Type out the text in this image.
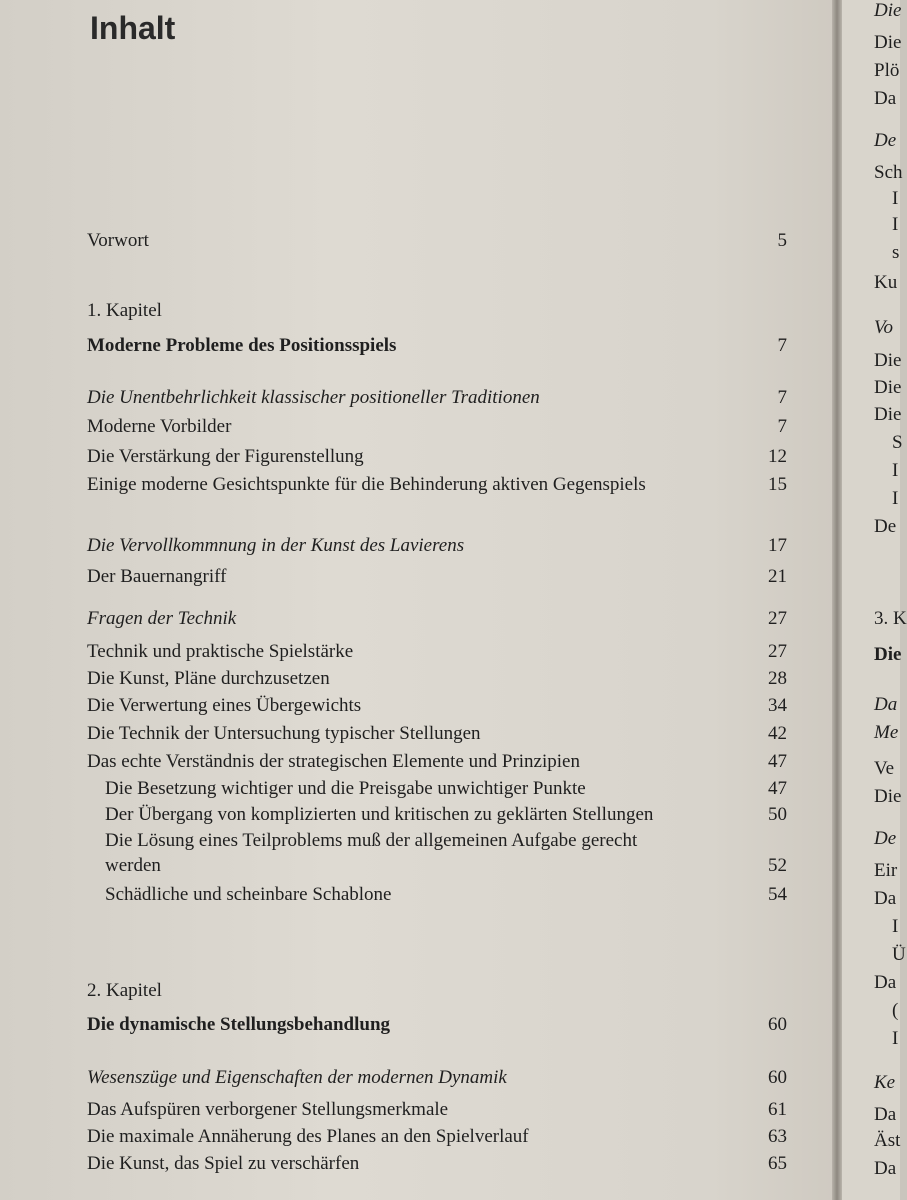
Inhalt
Vorwort	5
1. Kapitel
Moderne Probleme des Positionsspiels	7
Die Unentbehrlichkeit klassischer positioneller Traditionen	7
Moderne Vorbilder	7
Die Verstärkung der Figurenstellung	12
Einige moderne Gesichtspunkte für die Behinderung aktiven Gegenspiels	15
Die Vervollkommnung in der Kunst des Lavierens	17
Der Bauernangriff	21
Fragen der Technik	27
Technik und praktische Spielstärke	27
Die Kunst, Pläne durchzusetzen	28
Die Verwertung eines Übergewichts	34
Die Technik der Untersuchung typischer Stellungen	42
Das echte Verständnis der strategischen Elemente und Prinzipien	47
Die Besetzung wichtiger und die Preisgabe unwichtiger Punkte	47
Der Übergang von komplizierten und kritischen zu geklärten Stellungen	50
Die Lösung eines Teilproblems muß der allgemeinen Aufgabe gerecht
werden	52
Schädliche und scheinbare Schablone	54
2. Kapitel
Die dynamische Stellungsbehandlung	60
Wesenszüge und Eigenschaften der modernen Dynamik	60
Das Aufspüren verborgener Stellungsmerkmale	61
Die maximale Annäherung des Planes an den Spielverlauf	63
Die Kunst, das Spiel zu verschärfen	65
Die
Die
Plö
Da
De
Sch
I
I
s
Ku
Vo
Die
Die
Die
S
I
I
De
3. K
Die
Da
Me
Ve
Die
De
Eir
Da
I
Ü
Da
(
I
Ke
Da
Äst
Da
